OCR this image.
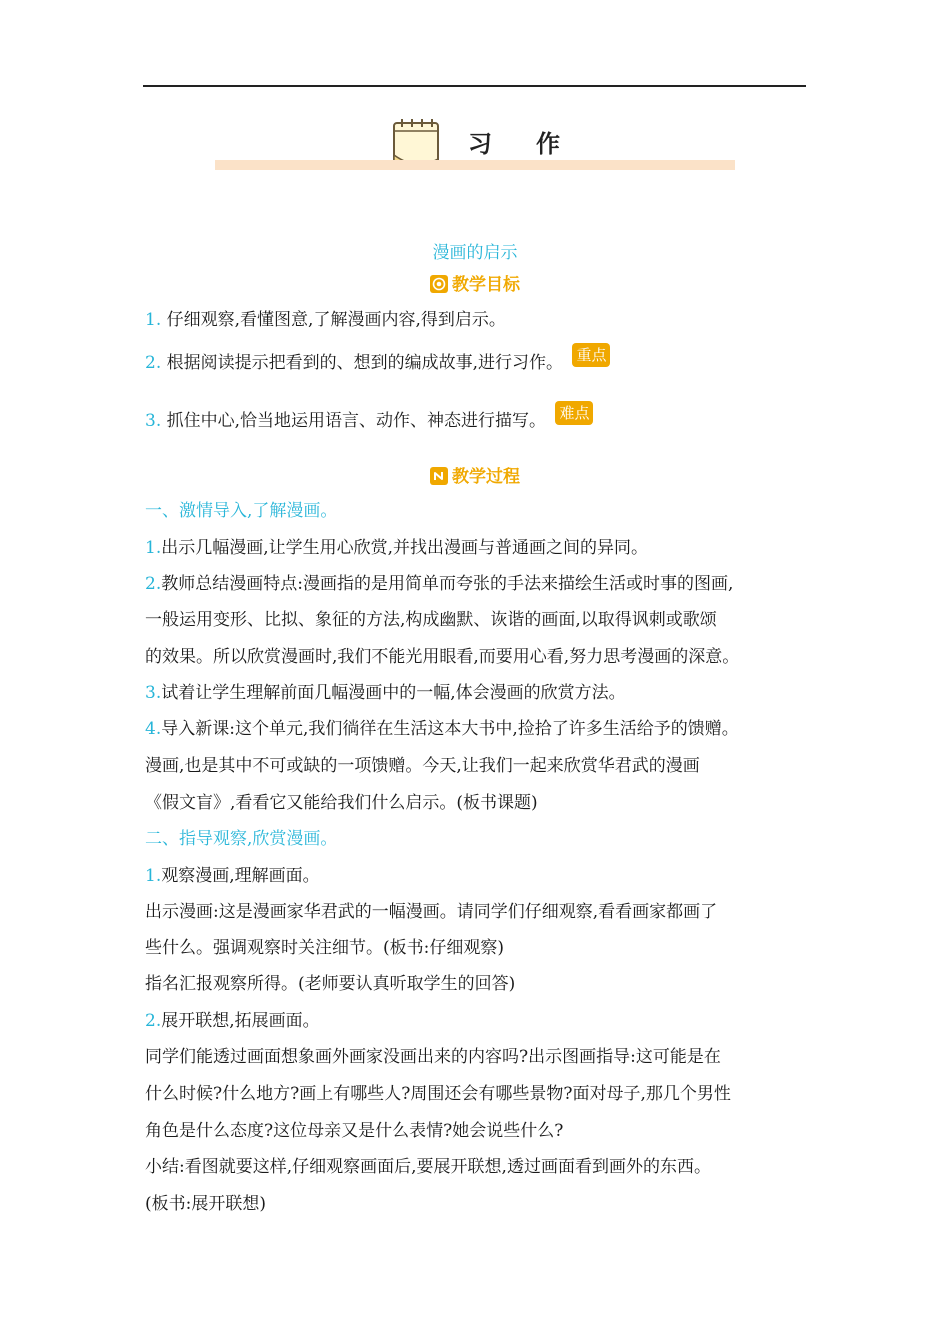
习　作
漫画的启示
教学目标
1. 仔细观察,看懂图意,了解漫画内容,得到启示。
2. 根据阅读提示把看到的、想到的编成故事,进行习作。 重点
3. 抓住中心,恰当地运用语言、动作、神态进行描写。 难点
教学过程
一、激情导入,了解漫画。
1.出示几幅漫画,让学生用心欣赏,并找出漫画与普通画之间的异同。
2.教师总结漫画特点:漫画指的是用简单而夸张的手法来描绘生活或时事的图画,
一般运用变形、比拟、象征的方法,构成幽默、诙谐的画面,以取得讽刺或歌颂
的效果。所以欣赏漫画时,我们不能光用眼看,而要用心看,努力思考漫画的深意。
3.试着让学生理解前面几幅漫画中的一幅,体会漫画的欣赏方法。
4.导入新课:这个单元,我们徜徉在生活这本大书中,捡拾了许多生活给予的馈赠。
漫画,也是其中不可或缺的一项馈赠。今天,让我们一起来欣赏华君武的漫画
《假文盲》,看看它又能给我们什么启示。(板书课题)
二、指导观察,欣赏漫画。
1.观察漫画,理解画面。
出示漫画:这是漫画家华君武的一幅漫画。请同学们仔细观察,看看画家都画了
些什么。强调观察时关注细节。(板书:仔细观察)
指名汇报观察所得。(老师要认真听取学生的回答)
2.展开联想,拓展画面。
同学们能透过画面想象画外画家没画出来的内容吗?出示图画指导:这可能是在
什么时候?什么地方?画上有哪些人?周围还会有哪些景物?面对母子,那几个男性
角色是什么态度?这位母亲又是什么表情?她会说些什么?
小结:看图就要这样,仔细观察画面后,要展开联想,透过画面看到画外的东西。
(板书:展开联想)
